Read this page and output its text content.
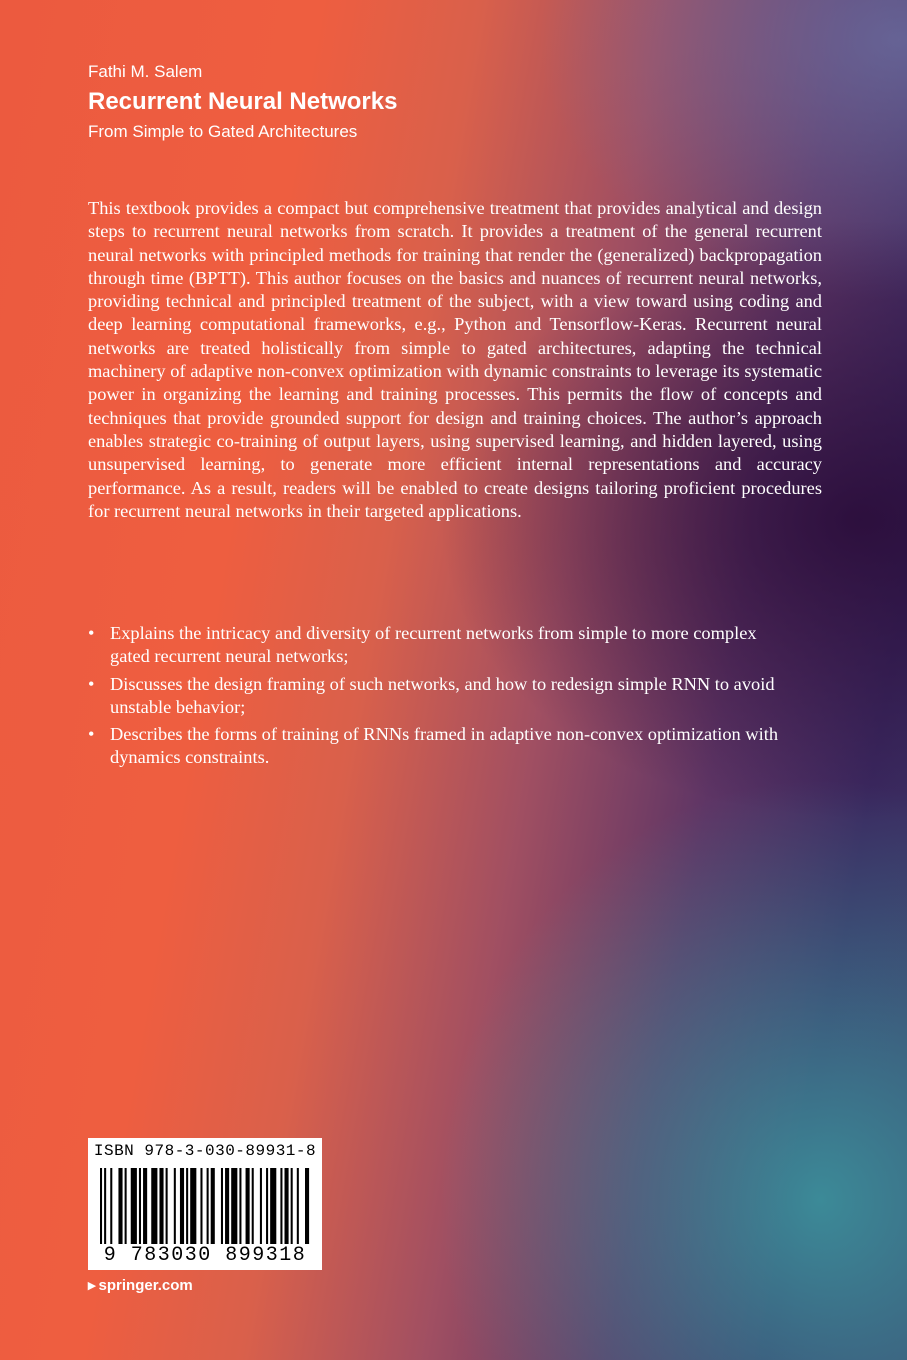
Fathi M. Salem
Recurrent Neural Networks
From Simple to Gated Architectures

This textbook provides a compact but comprehensive treatment that provides analytical and design steps to recurrent neural networks from scratch. It provides a treatment of the general recurrent neural networks with principled methods for training that render the (generalized) backpropagation through time (BPTT). This author focuses on the basics and nuances of recurrent neural networks, providing technical and principled treatment of the subject, with a view toward using coding and deep learning computational frameworks, e.g., Python and Tensorflow-Keras. Recurrent neural networks are treated holistically from simple to gated architectures, adapting the technical machinery of adaptive non-convex optimization with dynamic constraints to leverage its systematic power in organizing the learning and training processes. This permits the flow of concepts and techniques that provide grounded support for design and training choices. The author’s approach enables strategic co-training of output layers, using supervised learning, and hidden layered, using unsupervised learning, to generate more efficient internal representations and accuracy performance. As a result, readers will be enabled to create designs tailoring proficient procedures for recurrent neural networks in their targeted applications.

• Explains the intricacy and diversity of recurrent networks from simple to more complex gated recurrent neural networks;
• Discusses the design framing of such networks, and how to redesign simple RNN to avoid unstable behavior;
• Describes the forms of training of RNNs framed in adaptive non-convex optimization with dynamics constraints.
ISBN 978-3-030-89931-8
9 783030 899318
▸ springer.com
